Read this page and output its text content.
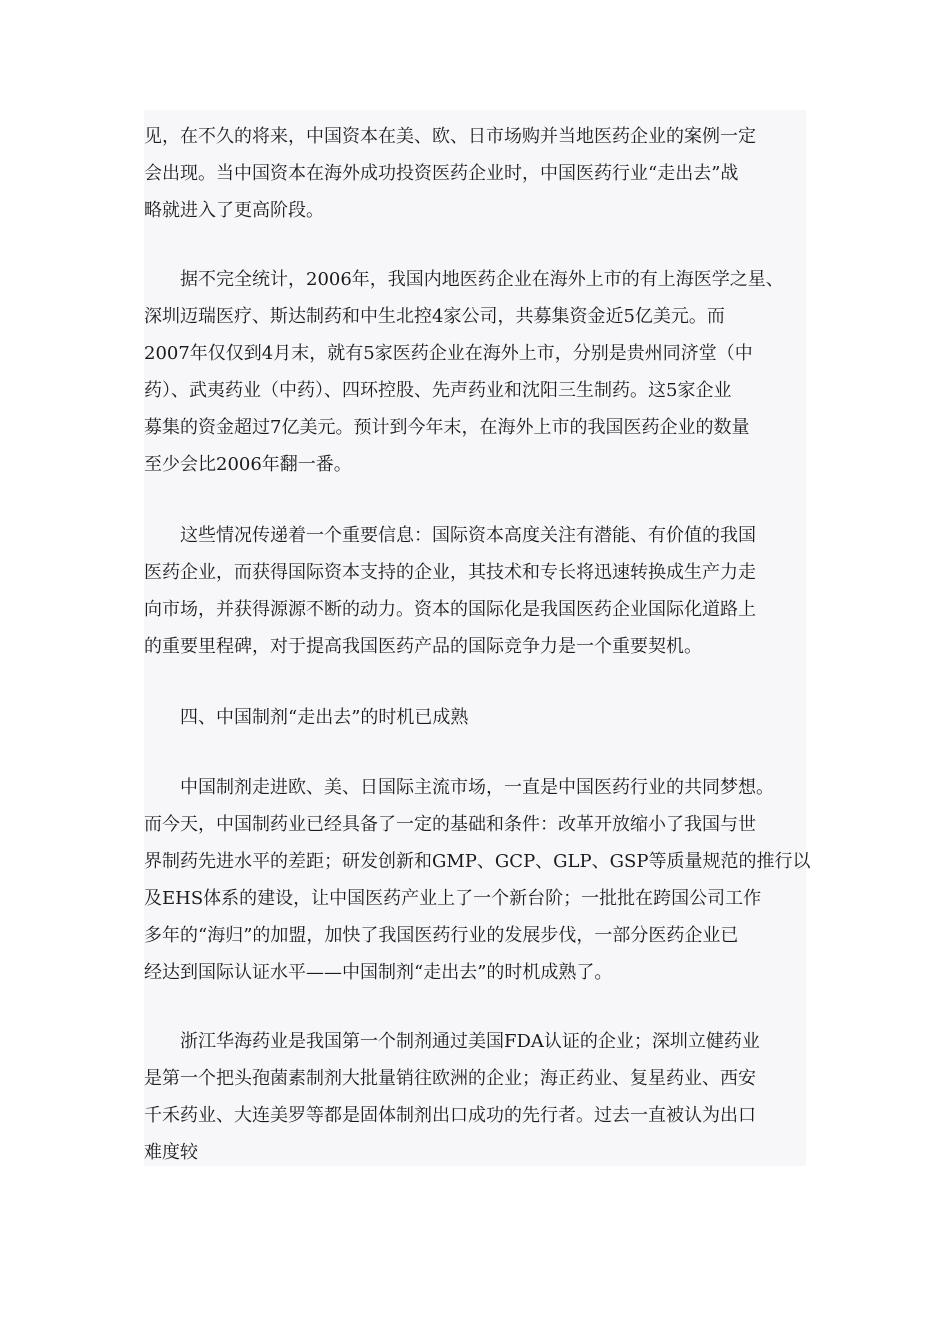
见，在不久的将来，中国资本在美、欧、日市场购并当地医药企业的案例一定
会出现。当中国资本在海外成功投资医药企业时，中国医药行业“走出去”战
略就进入了更高阶段。
　　据不完全统计，2006年，我国内地医药企业在海外上市的有上海医学之星、
深圳迈瑞医疗、斯达制药和中生北控4家公司，共募集资金近5亿美元。而
2007年仅仅到4月末，就有5家医药企业在海外上市，分别是贵州同济堂（中
药）、武夷药业（中药）、四环控股、先声药业和沈阳三生制药。这5家企业
募集的资金超过7亿美元。预计到今年末，在海外上市的我国医药企业的数量
至少会比2006年翻一番。
　　这些情况传递着一个重要信息：国际资本高度关注有潜能、有价值的我国
医药企业，而获得国际资本支持的企业，其技术和专长将迅速转换成生产力走
向市场，并获得源源不断的动力。资本的国际化是我国医药企业国际化道路上
的重要里程碑，对于提高我国医药产品的国际竞争力是一个重要契机。
　　四、中国制剂“走出去”的时机已成熟
　　中国制剂走进欧、美、日国际主流市场，一直是中国医药行业的共同梦想。
而今天，中国制药业已经具备了一定的基础和条件：改革开放缩小了我国与世
界制药先进水平的差距；研发创新和GMP、GCP、GLP、GSP等质量规范的推行以
及EHS体系的建设，让中国医药产业上了一个新台阶；一批批在跨国公司工作
多年的“海归”的加盟，加快了我国医药行业的发展步伐，一部分医药企业已
经达到国际认证水平——中国制剂“走出去”的时机成熟了。
　　浙江华海药业是我国第一个制剂通过美国FDA认证的企业；深圳立健药业
是第一个把头孢菌素制剂大批量销往欧洲的企业；海正药业、复星药业、西安
千禾药业、大连美罗等都是固体制剂出口成功的先行者。过去一直被认为出口
难度较
